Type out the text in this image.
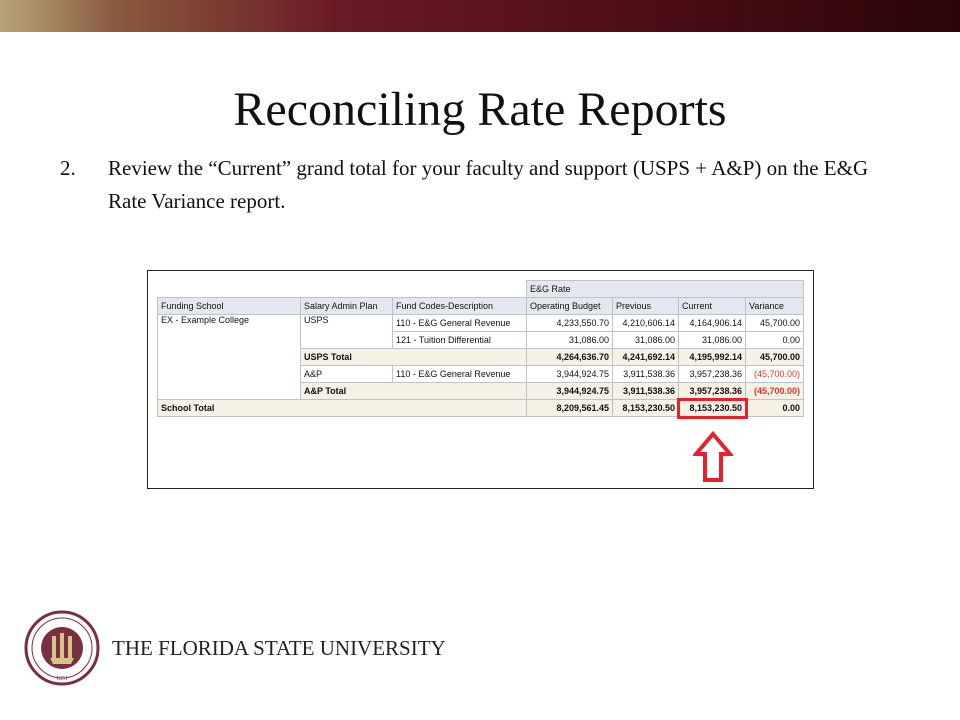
Reconciling Rate Reports
2. Review the “Current” grand total for your faculty and support (USPS + A&P) on the E&G Rate Variance report.
			E&G Rate			
Funding School	Salary Admin Plan	Fund Codes-Description	Operating Budget	Previous	Current	Variance
EX - Example College	USPS	110 - E&G General Revenue	4,233,550.70	4,210,606.14	4,164,906.14	45,700.00
		121 - Tuition Differential	31,086.00	31,086.00	31,086.00	0.00
	USPS Total		4,264,636.70	4,241,692.14	4,195,992.14	45,700.00
	A&P	110 - E&G General Revenue	3,944,924.75	3,911,538.36	3,957,238.36	(45,700.00)
	A&P Total		3,944,924.75	3,911,538.36	3,957,238.36	(45,700.00)
School Total			8,209,561.45	8,153,230.50	8,153,230.50	0.00
1851
THE FLORIDA STATE UNIVERSITY
